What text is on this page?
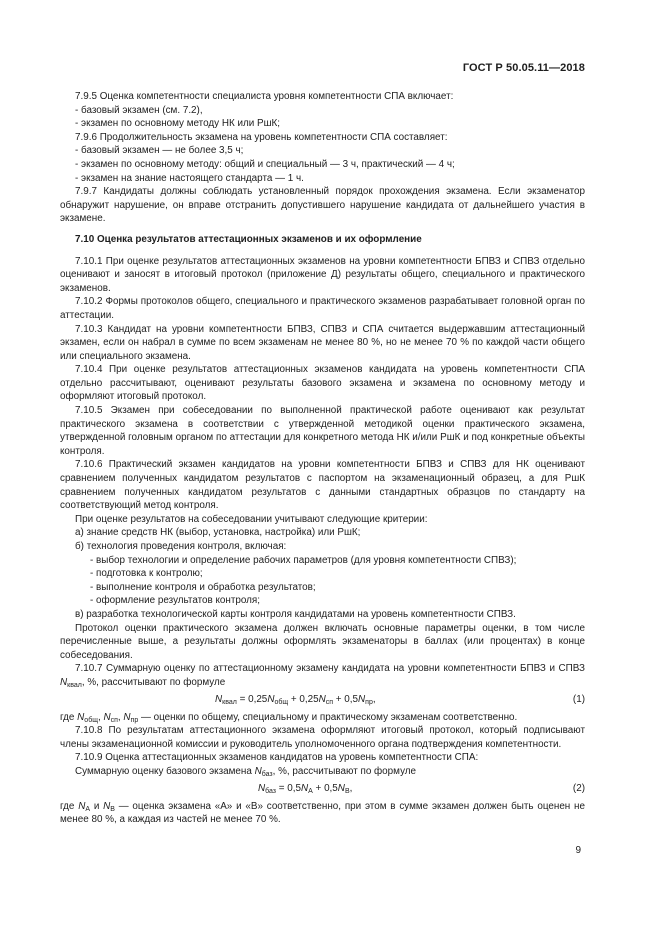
ГОСТ Р 50.05.11—2018

7.9.5 Оценка компетентности специалиста уровня компетентности СПА включает:

- базовый экзамен (см. 7.2),

- экзамен по основному методу НК или РшК;

7.9.6 Продолжительность экзамена на уровень компетентности СПА составляет:

- базовый экзамен — не более 3,5 ч;

- экзамен по основному методу: общий и специальный — 3 ч, практический — 4 ч;

- экзамен на знание настоящего стандарта — 1 ч.

7.9.7 Кандидаты должны соблюдать установленный порядок прохождения экзамена. Если экзаменатор обнаружит нарушение, он вправе отстранить допустившего нарушение кандидата от дальнейшего участия в экзамене.

7.10 Оценка результатов аттестационных экзаменов и их оформление

7.10.1 При оценке результатов аттестационных экзаменов на уровни компетентности БПВЗ и СПВЗ отдельно оценивают и заносят в итоговый протокол (приложение Д) результаты общего, специального и практического экзаменов.

7.10.2 Формы протоколов общего, специального и практического экзаменов разрабатывает головной орган по аттестации.

7.10.3 Кандидат на уровни компетентности БПВЗ, СПВЗ и СПА считается выдержавшим аттестационный экзамен, если он набрал в сумме по всем экзаменам не менее 80 %, но не менее 70 % по каждой части общего или специального экзамена.

7.10.4 При оценке результатов аттестационных экзаменов кандидата на уровень компетентности СПА отдельно рассчитывают, оценивают результаты базового экзамена и экзамена по основному методу и оформляют итоговый протокол.

7.10.5 Экзамен при собеседовании по выполненной практической работе оценивают как результат практического экзамена в соответствии с утвержденной методикой оценки практического экзамена, утвержденной головным органом по аттестации для конкретного метода НК и/или РшК и под конкретные объекты контроля.

7.10.6 Практический экзамен кандидатов на уровни компетентности БПВЗ и СПВЗ для НК оценивают сравнением полученных кандидатом результатов с паспортом на экзаменационный образец, а для РшК сравнением полученных кандидатом результатов с данными стандартных образцов по стандарту на соответствующий метод контроля.

При оценке результатов на собеседовании учитывают следующие критерии:

а) знание средств НК (выбор, установка, настройка) или РшК;

б) технология проведения контроля, включая:

- выбор технологии и определение рабочих параметров (для уровня компетентности СПВЗ);

- подготовка к контролю;

- выполнение контроля и обработка результатов;

- оформление результатов контроля;

в) разработка технологической карты контроля кандидатами на уровень компетентности СПВЗ.

Протокол оценки практического экзамена должен включать основные параметры оценки, в том числе перечисленные выше, а результаты должны оформлять экзаменаторы в баллах (или процентах) в конце собеседования.

7.10.7 Суммарную оценку по аттестационному экзамену кандидата на уровни компетентности БПВЗ и СПВЗ $N_{квал}$, %, рассчитывают по формуле

$N_{квал} = 0,25N_{общ} + 0,25N_{сп} + 0,5N_{пр}$,	(1)

где $N_{общ}$, $N_{сп}$, $N_{пр}$ — оценки по общему, специальному и практическому экзаменам соответственно.

7.10.8 По результатам аттестационного экзамена оформляют итоговый протокол, который подписывают члены экзаменационной комиссии и руководитель уполномоченного органа подтверждения компетентности.

7.10.9 Оценка аттестационных экзаменов кандидатов на уровень компетентности СПА:

Суммарную оценку базового экзамена $N_{баз}$, %, рассчитывают по формуле

$N_{баз} = 0,5N_A + 0,5N_B$,	(2)

где $N_A$ и $N_B$ — оценка экзамена «А» и «В» соответственно, при этом в сумме экзамен должен быть оценен не менее 80 %, а каждая из частей не менее 70 %.

9
